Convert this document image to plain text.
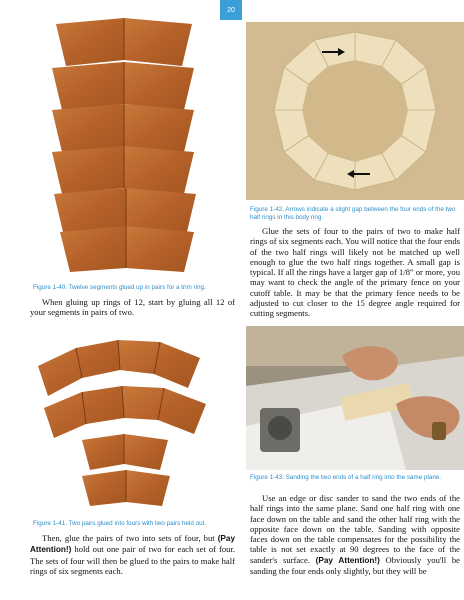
20
Figure 1-40. Twelve segments glued up in pairs for a trim ring.

When gluing up rings of 12, start by gluing all 12 of your segments in pairs of two.

Figure 1-41. Two pairs glued into fours with two pairs held out.

Then, glue the pairs of two into sets of four, but (Pay Attention!) hold out one pair of two for each set of four. The sets of four will then be glued to the pairs to make half rings of six segments each.

Figure 1-42. Arrows indicate a slight gap between the four ends of the two half rings in this body ring.

Glue the sets of four to the pairs of two to make half rings of six segments each. You will notice that the four ends of the two half rings will likely not be matched up well enough to glue the two half rings together. A small gap is typical. If all the rings have a larger gap of 1/8" or more, you may want to check the angle of the primary fence on your cutoff table. It may be that the primary fence needs to be adjusted to cut closer to the 15 degree angle required for cutting segments.

Figure 1-43: Sanding the two ends of a half ring into the same plane.

Use an edge or disc sander to sand the two ends of the half rings into the same plane. Sand one half ring with one face down on the table and sand the other half ring with the opposite face down on the table. Sanding with opposite faces down on the table compensates for the possibility the table is not set exactly at 90 degrees to the face of the sander's surface. (Pay Attention!) Obviously you'll be sanding the four ends only slightly, but they will be
